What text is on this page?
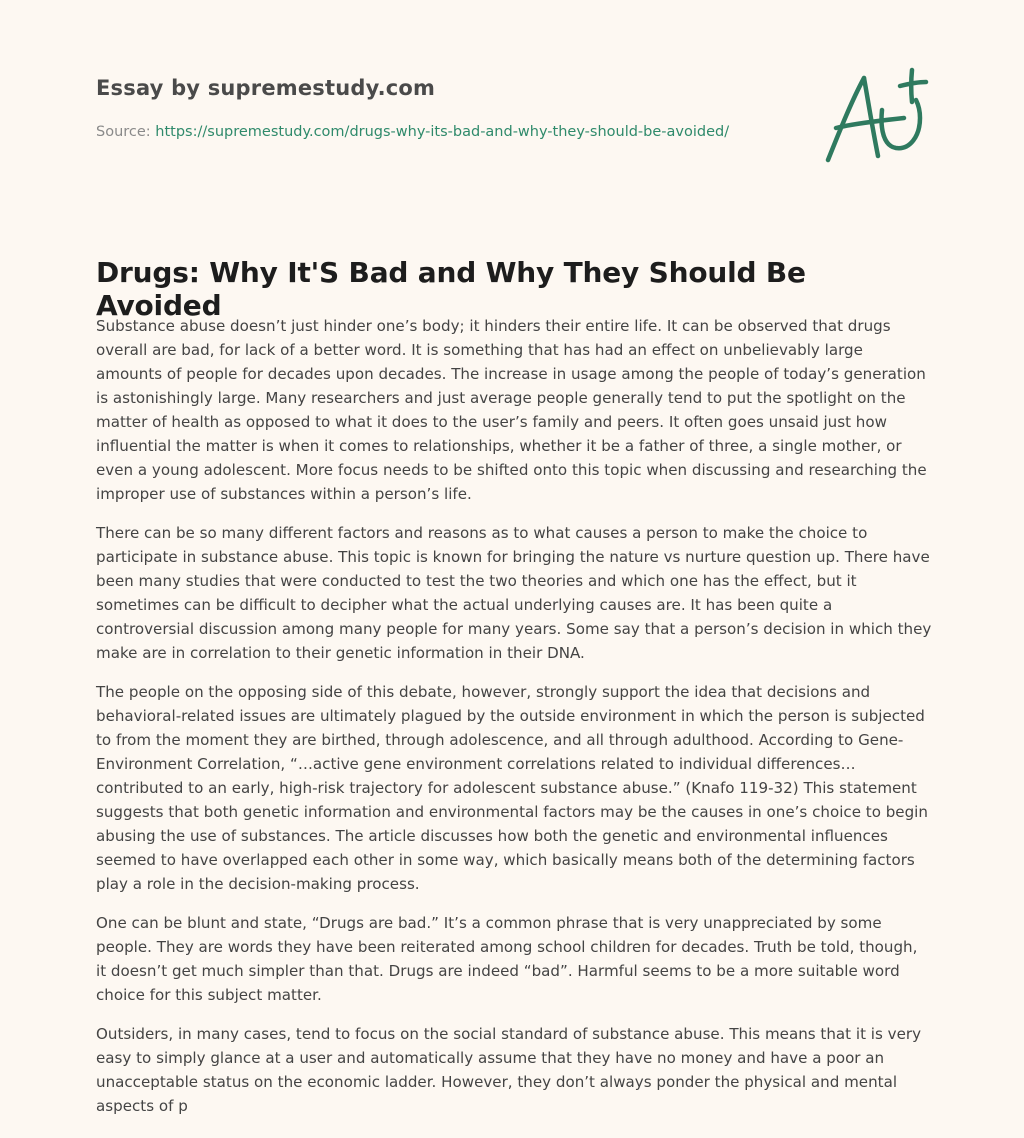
Essay by supremestudy.com
Source: https://supremestudy.com/drugs-why-its-bad-and-why-they-should-be-avoided/
Drugs: Why It'S Bad and Why They Should Be Avoided

Substance abuse doesn’t just hinder one’s body; it hinders their entire life. It can be observed that drugs overall are bad, for lack of a better word. It is something that has had an effect on unbelievably large amounts of people for decades upon decades. The increase in usage among the people of today’s generation is astonishingly large. Many researchers and just average people generally tend to put the spotlight on the matter of health as opposed to what it does to the user’s family and peers. It often goes unsaid just how influential the matter is when it comes to relationships, whether it be a father of three, a single mother, or even a young adolescent. More focus needs to be shifted onto this topic when discussing and researching the improper use of substances within a person’s life.

There can be so many different factors and reasons as to what causes a person to make the choice to participate in substance abuse. This topic is known for bringing the nature vs nurture question up. There have been many studies that were conducted to test the two theories and which one has the effect, but it sometimes can be difficult to decipher what the actual underlying causes are. It has been quite a controversial discussion among many people for many years. Some say that a person’s decision in which they make are in correlation to their genetic information in their DNA.

The people on the opposing side of this debate, however, strongly support the idea that decisions and behavioral-related issues are ultimately plagued by the outside environment in which the person is subjected to from the moment they are birthed, through adolescence, and all through adulthood. According to Gene-Environment Correlation, “…active gene environment correlations related to individual differences…contributed to an early, high-risk trajectory for adolescent substance abuse.” (Knafo 119-32) This statement suggests that both genetic information and environmental factors may be the causes in one’s choice to begin abusing the use of substances. The article discusses how both the genetic and environmental influences seemed to have overlapped each other in some way, which basically means both of the determining factors play a role in the decision-making process.

One can be blunt and state, “Drugs are bad.” It’s a common phrase that is very unappreciated by some people. They are words they have been reiterated among school children for decades. Truth be told, though, it doesn’t get much simpler than that. Drugs are indeed “bad”. Harmful seems to be a more suitable word choice for this subject matter.

Outsiders, in many cases, tend to focus on the social standard of substance abuse. This means that it is very easy to simply glance at a user and automatically assume that they have no money and have a poor an unacceptable status on the economic ladder. However, they don’t always ponder the physical and mental aspects of p
